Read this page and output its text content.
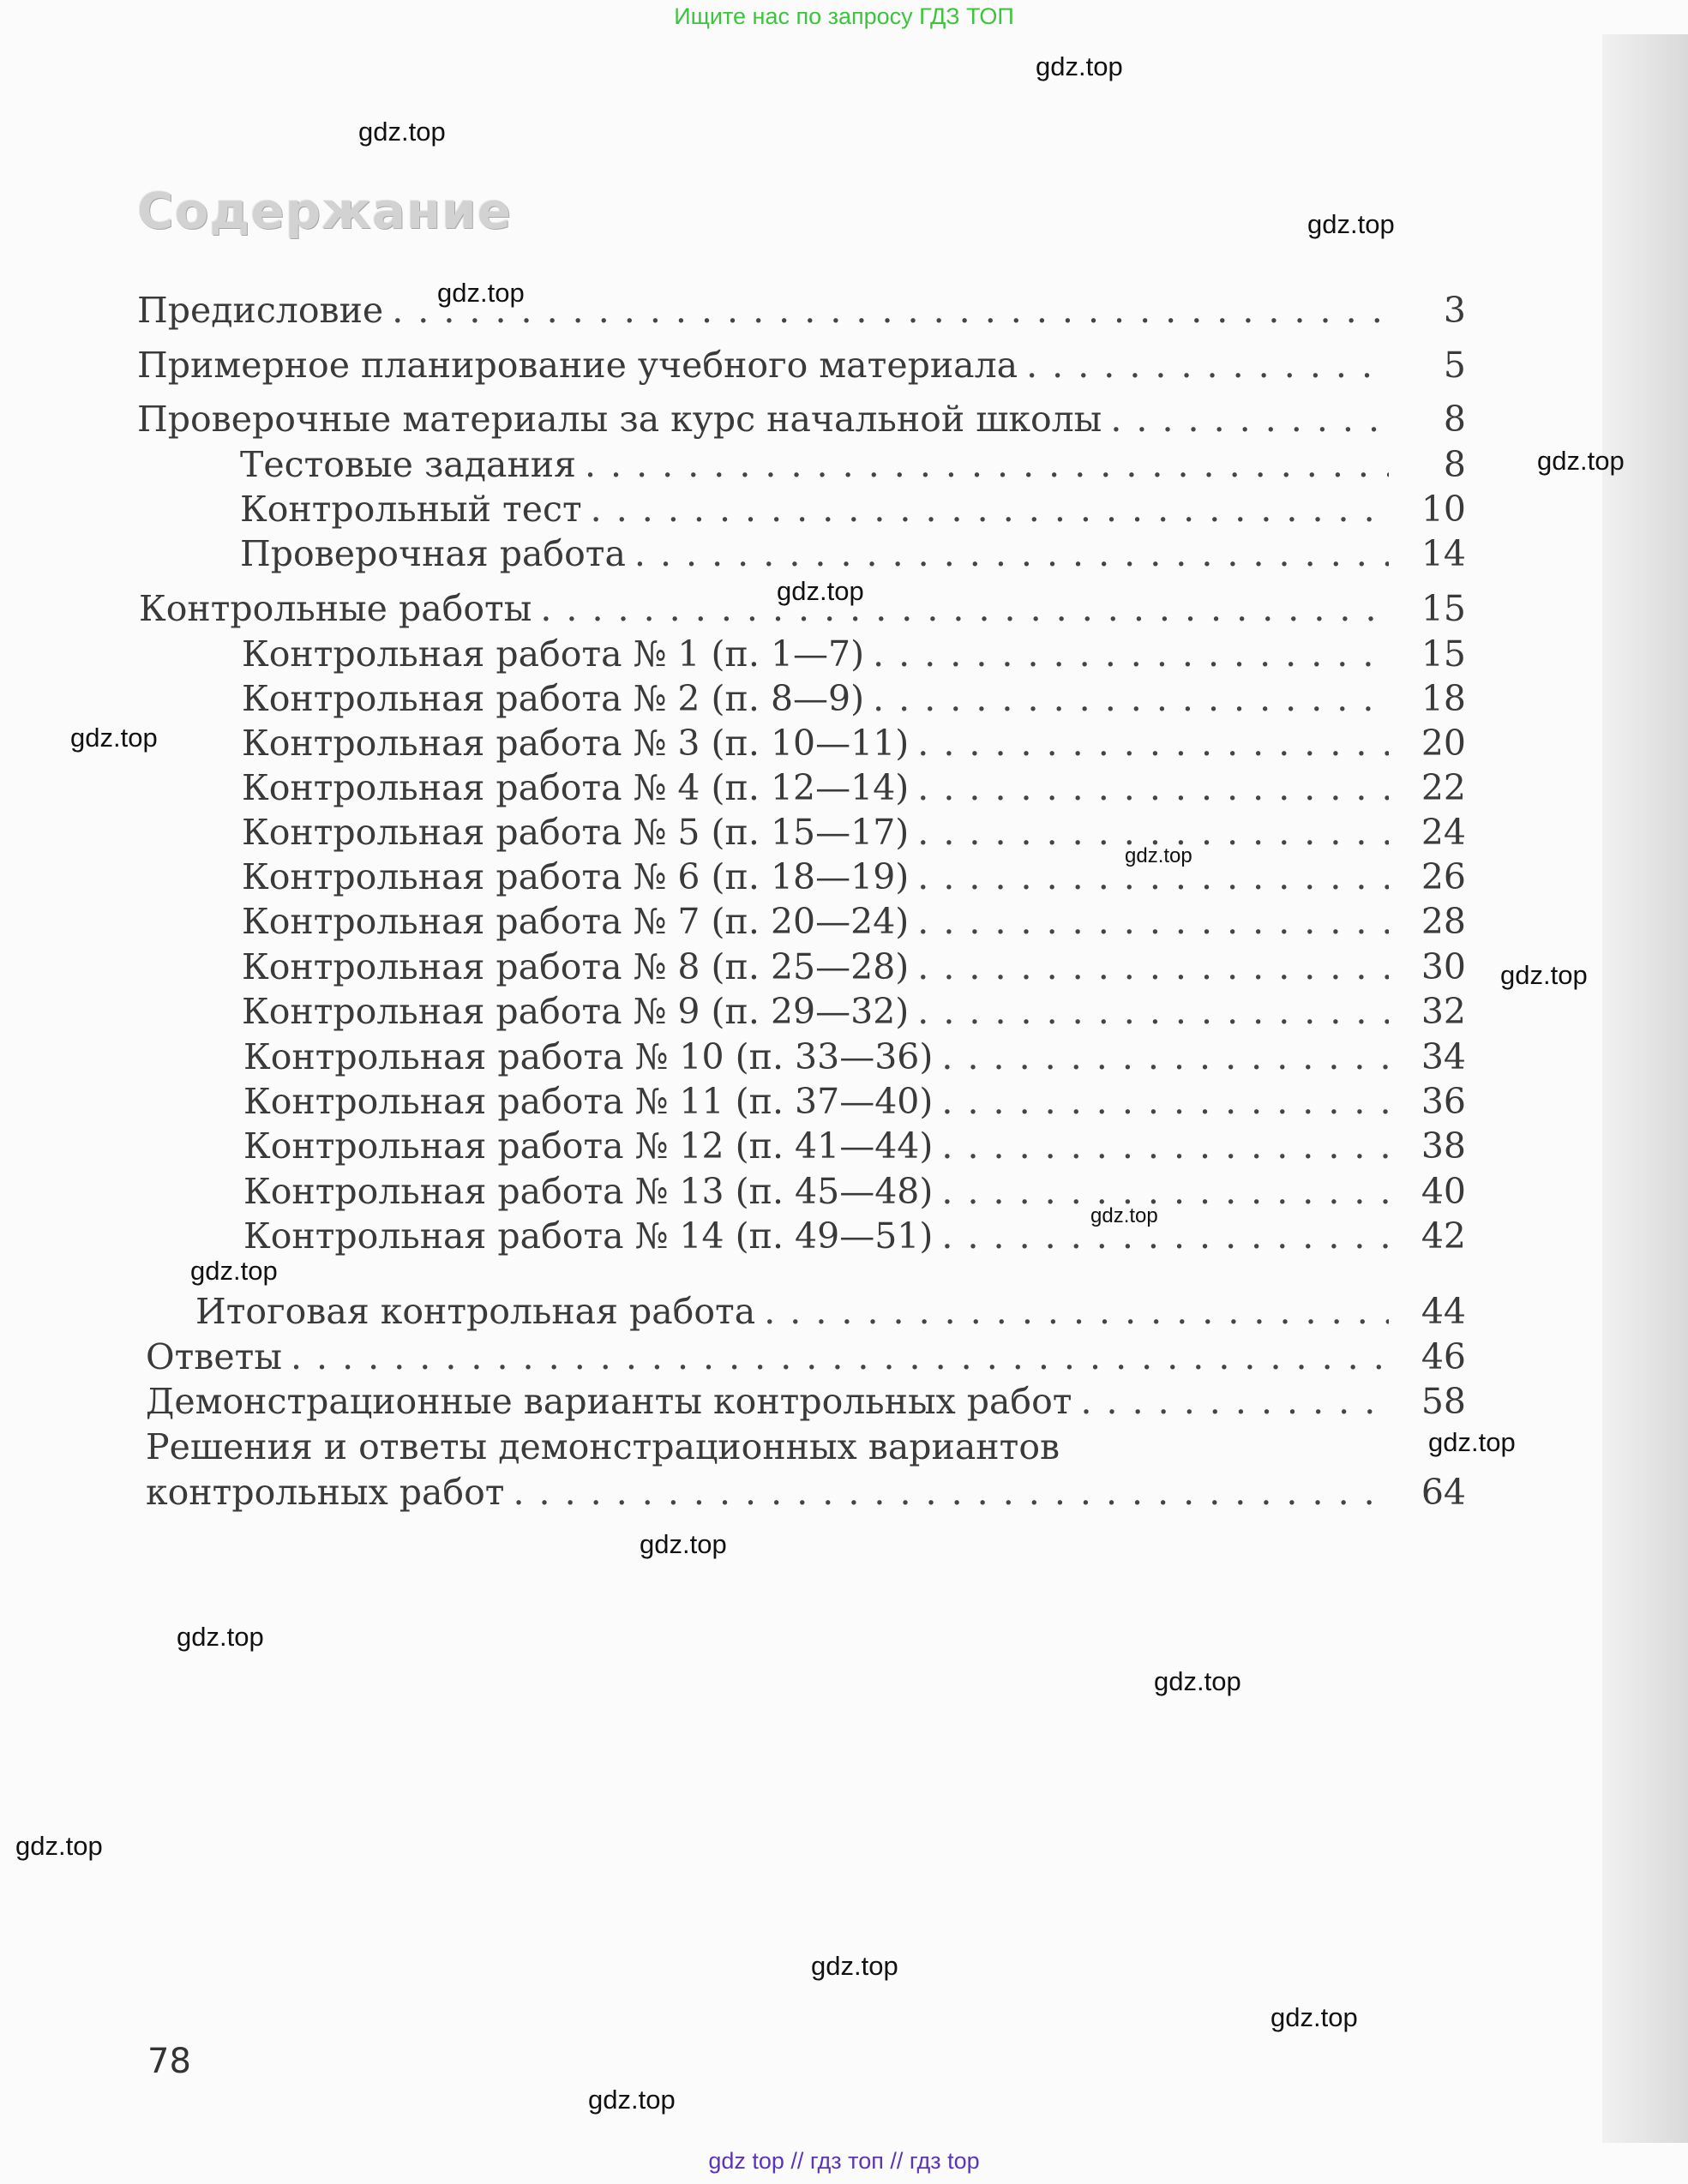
Ищите нас по запросу ГДЗ ТОП
Содержание
Предисловие . . .	3
Примерное планирование учебного материала . . .	5
Проверочные материалы за курс начальной школы . . .	8
Тестовые задания . . .	8
Контрольный тест . . .	10
Проверочная работа . . .	14
Контрольные работы . . .	15
Контрольная работа № 1 (п. 1—7) . . .	15
Контрольная работа № 2 (п. 8—9) . . .	18
Контрольная работа № 3 (п. 10—11) . . .	20
Контрольная работа № 4 (п. 12—14) . . .	22
Контрольная работа № 5 (п. 15—17) . . .	24
Контрольная работа № 6 (п. 18—19) . . .	26
Контрольная работа № 7 (п. 20—24) . . .	28
Контрольная работа № 8 (п. 25—28) . . .	30
Контрольная работа № 9 (п. 29—32) . . .	32
Контрольная работа № 10 (п. 33—36) . . .	34
Контрольная работа № 11 (п. 37—40) . . .	36
Контрольная работа № 12 (п. 41—44) . . .	38
Контрольная работа № 13 (п. 45—48) . . .	40
Контрольная работа № 14 (п. 49—51) . . .	42
Итоговая контрольная работа . . .	44
Ответы . . .	46
Демонстрационные варианты контрольных работ . . .	58
Решения и ответы демонстрационных вариантов
контрольных работ . . .	64
gdz.top
gdz.top
gdz.top
gdz.top
gdz.top
gdz.top
gdz.top
gdz.top
gdz.top
gdz.top
gdz.top
gdz.top
gdz.top
gdz.top
gdz.top
gdz.top
gdz.top
gdz.top
gdz.top
78
gdz top // гдз топ // гдз top
